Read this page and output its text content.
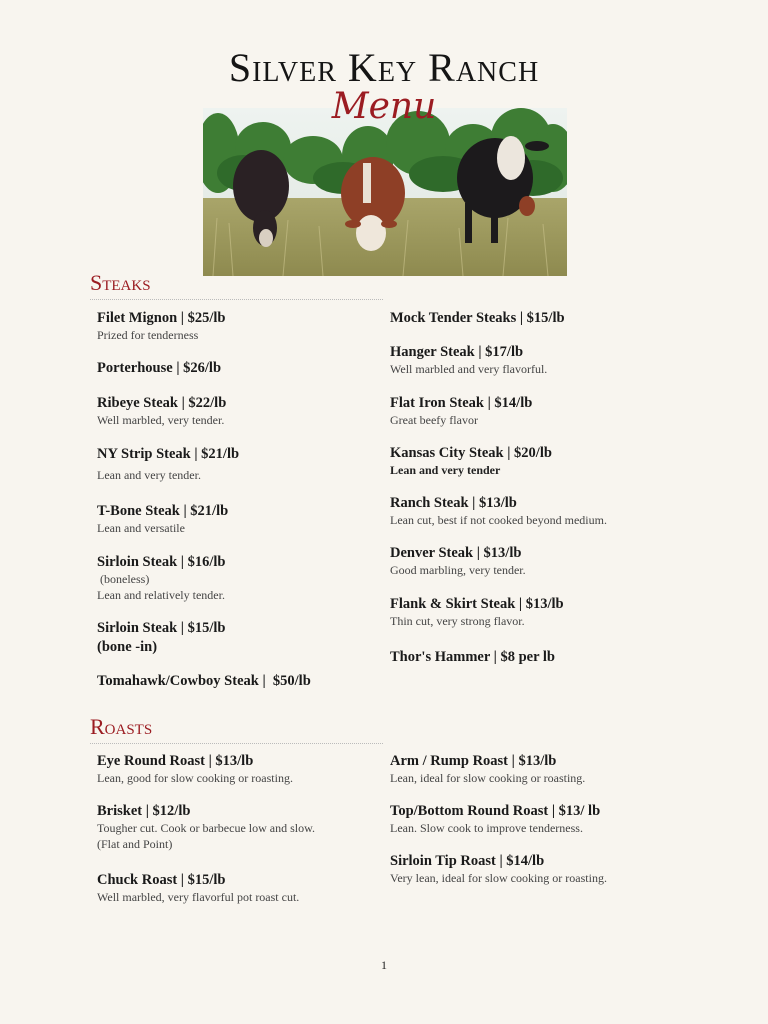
Silver Key Ranch
Menu
Steaks

Filet Mignon | $25/lb

Prized for tenderness

Porterhouse | $26/lb

Ribeye Steak | $22/lb

Well marbled, very tender.

NY Strip Steak | $21/lb

Lean and very tender.

T-Bone Steak | $21/lb

Lean and versatile

Sirloin Steak | $16/lb

(boneless)

Lean and relatively tender.

Sirloin Steak | $15/lb

(bone -in)

Tomahawk/Cowboy Steak |  $50/lb

Mock Tender Steaks | $15/lb

Hanger Steak | $17/lb

Well marbled and very flavorful.

Flat Iron Steak | $14/lb

Great beefy flavor

Kansas City Steak | $20/lb

Lean and very tender

Ranch Steak | $13/lb

Lean cut, best if not cooked beyond medium.

Denver Steak | $13/lb

Good marbling, very tender.

Flank & Skirt Steak | $13/lb

Thin cut, very strong flavor.

Thor's Hammer | $8 per lb

Roasts

Eye Round Roast | $13/lb

Lean, good for slow cooking or roasting.

Brisket | $12/lb

Tougher cut. Cook or barbecue low and slow.

(Flat and Point)

Chuck Roast | $15/lb

Well marbled, very flavorful pot roast cut.

Arm / Rump Roast | $13/lb

Lean, ideal for slow cooking or roasting.

Top/Bottom Round Roast | $13/ lb

Lean. Slow cook to improve tenderness.

Sirloin Tip Roast | $14/lb

Very lean, ideal for slow cooking or roasting.

1
